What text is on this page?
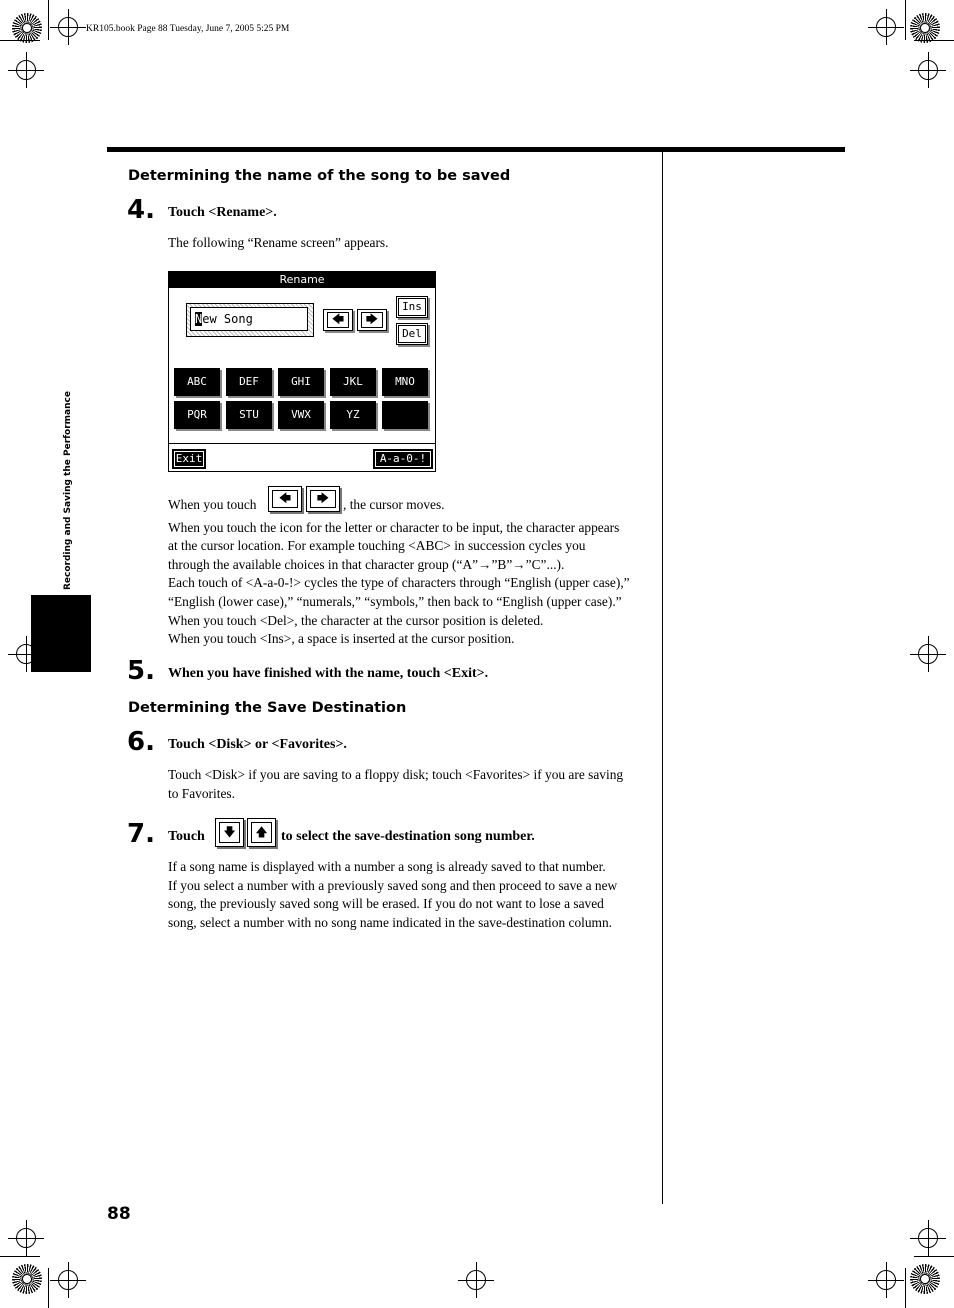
KR105.book Page 88 Tuesday, June 7, 2005 5:25 PM
Recording and Saving the Performance
Determining the name of the song to be saved
4. Touch <Rename>.
The following “Rename screen” appears.
Rename
New Song	🡄	🡆
Ins
Del
ABC	DEF	GHI	JKL	MNO
PQR	STU	VWX	YZ
Exit	A-a-0-!
When you touch	🡄	🡆	, the cursor moves.
When you touch the icon for the letter or character to be input, the character appears
at the cursor location. For example touching <ABC> in succession cycles you
through the available choices in that character group (“A”→”B”→”C”...).
Each touch of <A-a-0-!> cycles the type of characters through “English (upper case),”
“English (lower case),” “numerals,” “symbols,” then back to “English (upper case).”
When you touch <Del>, the character at the cursor position is deleted.
When you touch <Ins>, a space is inserted at the cursor position.
5. When you have finished with the name, touch <Exit>.
Determining the Save Destination
6. Touch <Disk> or <Favorites>.
Touch <Disk> if you are saving to a floppy disk; touch <Favorites> if you are saving
to Favorites.
7. Touch	🡇	🡅 to select the save-destination song number.
If a song name is displayed with a number a song is already saved to that number.
If you select a number with a previously saved song and then proceed to save a new
song, the previously saved song will be erased. If you do not want to lose a saved
song, select a number with no song name indicated in the save-destination column.
88
